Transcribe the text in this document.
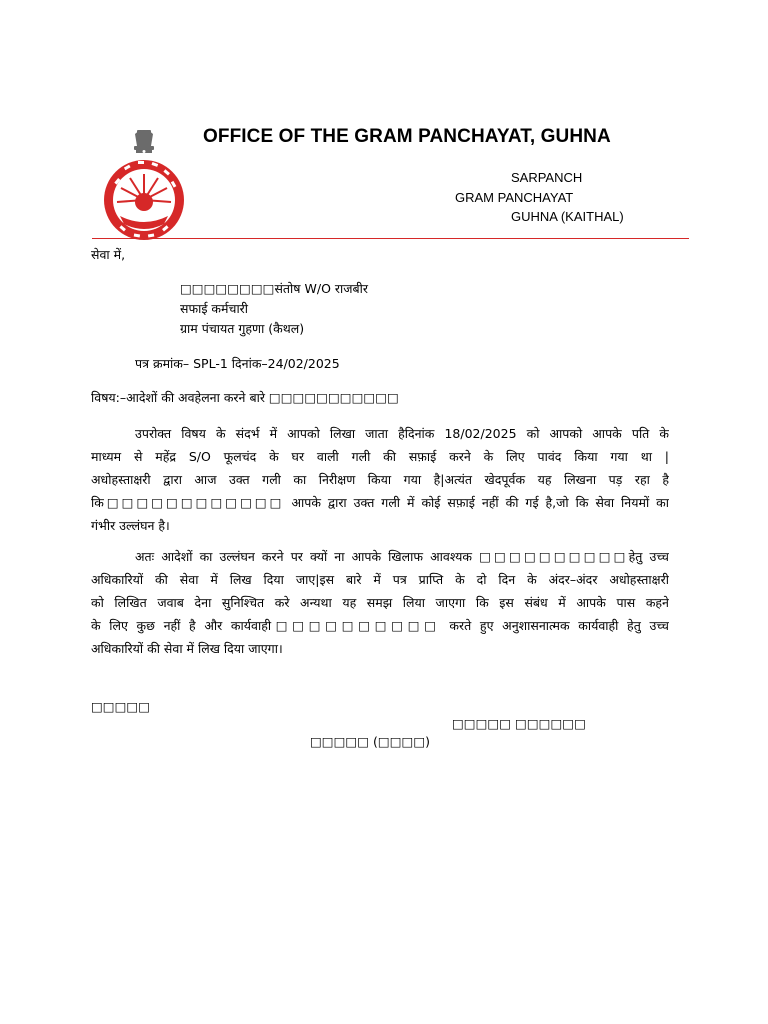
OFFICE OF THE GRAM PANCHAYAT, GUHNA
SARPANCH
GRAM PANCHAYAT
GUHNA (KAITHAL)
सेवा में,
□□□□□□□□संतोष W/O राजबीर
सफाई कर्मचारी
ग्राम पंचायत गुहणा (कैथल)
पत्र क्रमांक– SPL-1 दिनांक–24/02/2025
विषय:–आदेशों की अवहेलना करने बारे □□□□□□□□□□□
उपरोक्त विषय के संदर्भ में आपको लिखा जाता हैदिनांक 18/02/2025 को आपको आपके पति के
माध्यम से महेंद्र S/O फूलचंद के घर वाली गली की सफ़ाई करने के लिए पावंद किया गया था |
अधोहस्ताक्षरी द्वारा आज उक्त गली का निरीक्षण किया गया है|अत्यंत खेदपूर्वक यह लिखना पड़ रहा है
कि□□□□□□□□□□□□ आपके द्वारा उक्त गली में कोई सफ़ाई नहीं की गई है,जो कि सेवा नियमों का
गंभीर उल्लंघन है।
अतः आदेशों का उल्लंघन करने पर क्यों ना आपके खिलाफ आवश्यक □□□□□□□□□□हेतु उच्च
अधिकारियों की सेवा में लिख दिया जाए|इस बारे में पत्र प्राप्ति के दो दिन के अंदर–अंदर अधोहस्ताक्षरी
को लिखित जवाब देना सुनिश्चित करे अन्यथा यह समझ लिया जाएगा कि इस संबंध में आपके पास कहने
के लिए कुछ नहीं है और कार्यवाही□□□□□□□□□□ करते हुए अनुशासनात्मक कार्यवाही हेतु उच्च
अधिकारियों की सेवा में लिख दिया जाएगा।
□□□□□
□□□□□ □□□□□□
□□□□□ (□□□□)
